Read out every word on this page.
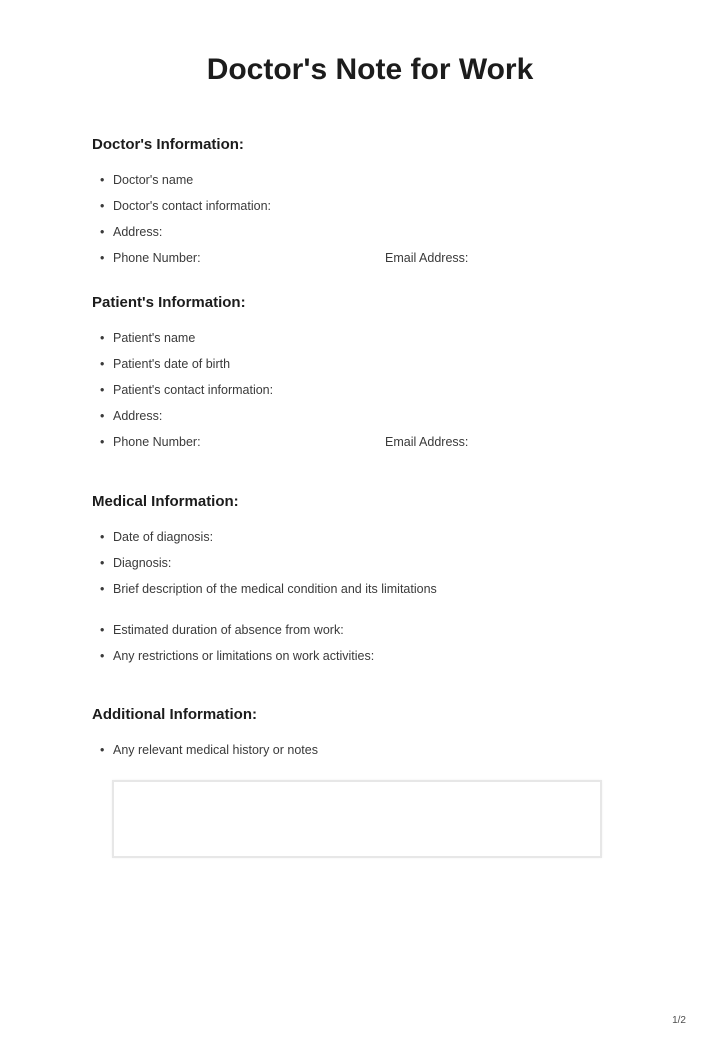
Doctor's Note for Work
Doctor's Information:
• Doctor's name
• Doctor's contact information:
• Address:
• Phone Number:	Email Address:
Patient's Information:
• Patient's name
• Patient's date of birth
• Patient's contact information:
• Address:
• Phone Number:	Email Address:
Medical Information:
• Date of diagnosis:
• Diagnosis:
• Brief description of the medical condition and its limitations
• Estimated duration of absence from work:
• Any restrictions or limitations on work activities:
Additional Information:
• Any relevant medical history or notes
1/2
